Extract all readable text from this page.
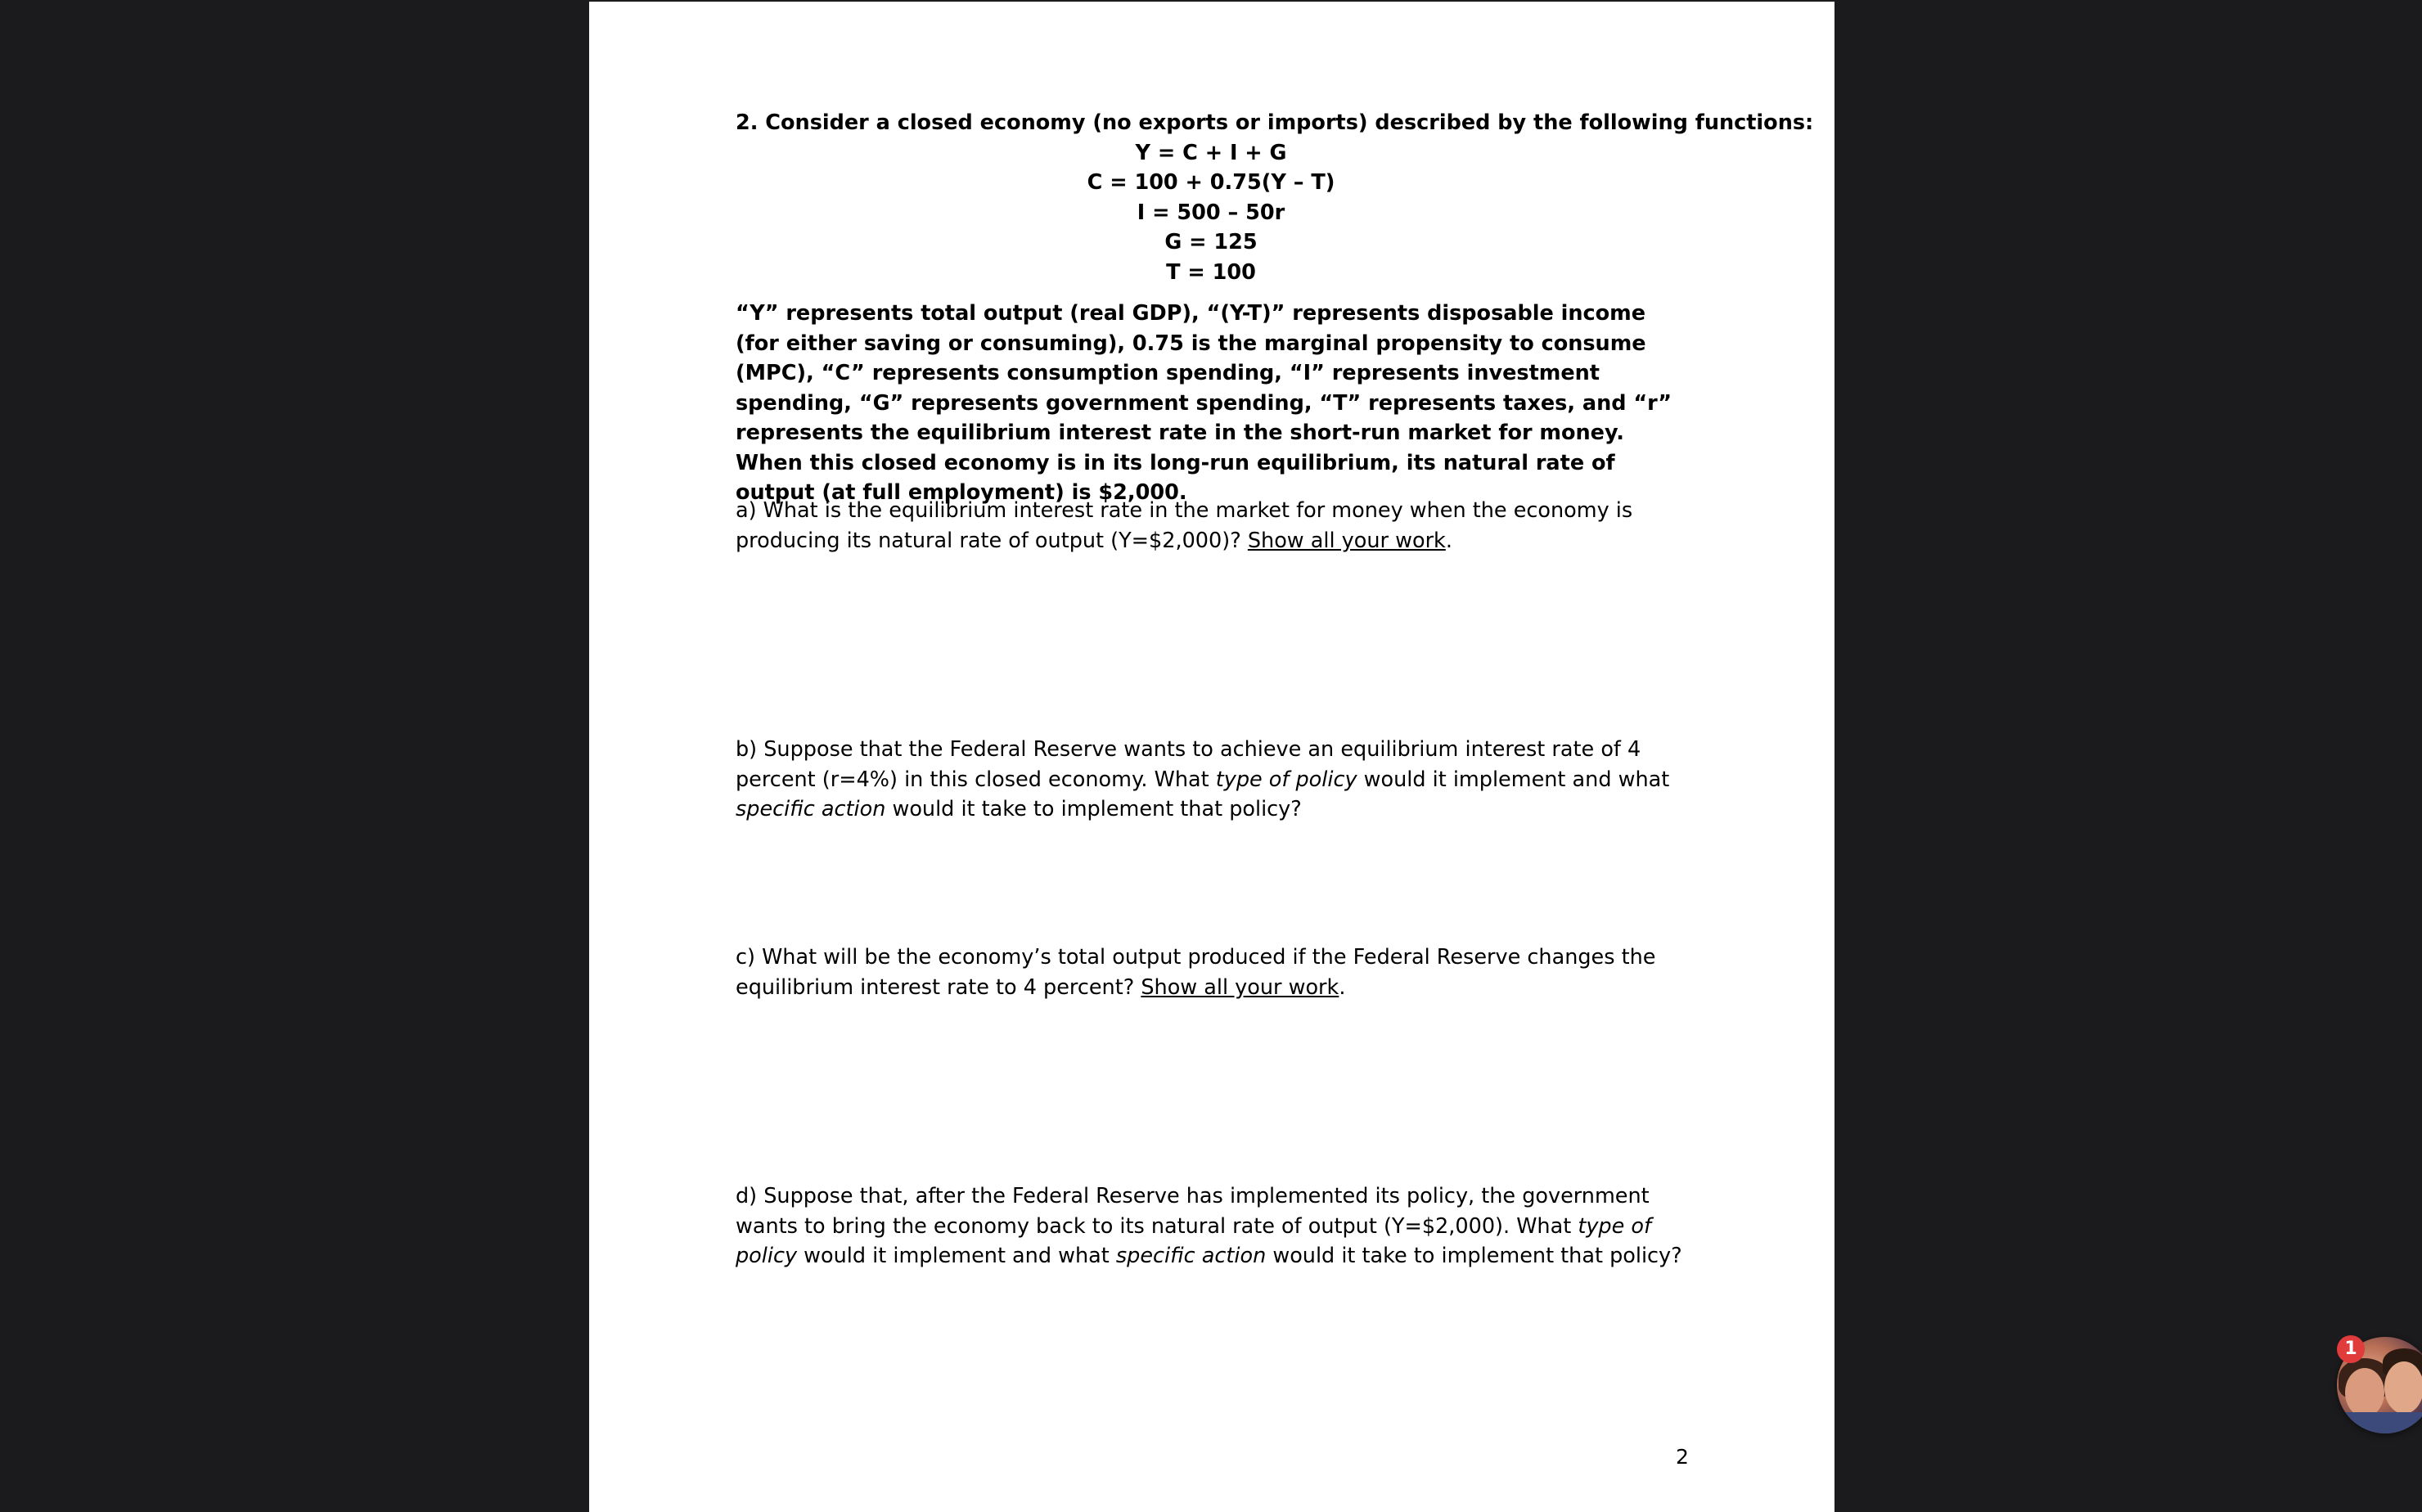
2. Consider a closed economy (no exports or imports) described by the following functions:

Y = C + I + G
C = 100 + 0.75(Y – T)
I = 500 – 50r
G = 125
T = 100

“Y” represents total output (real GDP), “(Y-T)” represents disposable income (for either saving or consuming), 0.75 is the marginal propensity to consume (MPC), “C” represents consumption spending, “I” represents investment spending, “G” represents government spending, “T” represents taxes, and “r” represents the equilibrium interest rate in the short-run market for money. When this closed economy is in its long-run equilibrium, its natural rate of output (at full employment) is $2,000.

a) What is the equilibrium interest rate in the market for money when the economy is producing its natural rate of output (Y=$2,000)? Show all your work.

b) Suppose that the Federal Reserve wants to achieve an equilibrium interest rate of 4 percent (r=4%) in this closed economy. What type of policy would it implement and what specific action would it take to implement that policy?

c) What will be the economy’s total output produced if the Federal Reserve changes the equilibrium interest rate to 4 percent? Show all your work.

d) Suppose that, after the Federal Reserve has implemented its policy, the government wants to bring the economy back to its natural rate of output (Y=$2,000). What type of policy would it implement and what specific action would it take to implement that policy?

2
1
